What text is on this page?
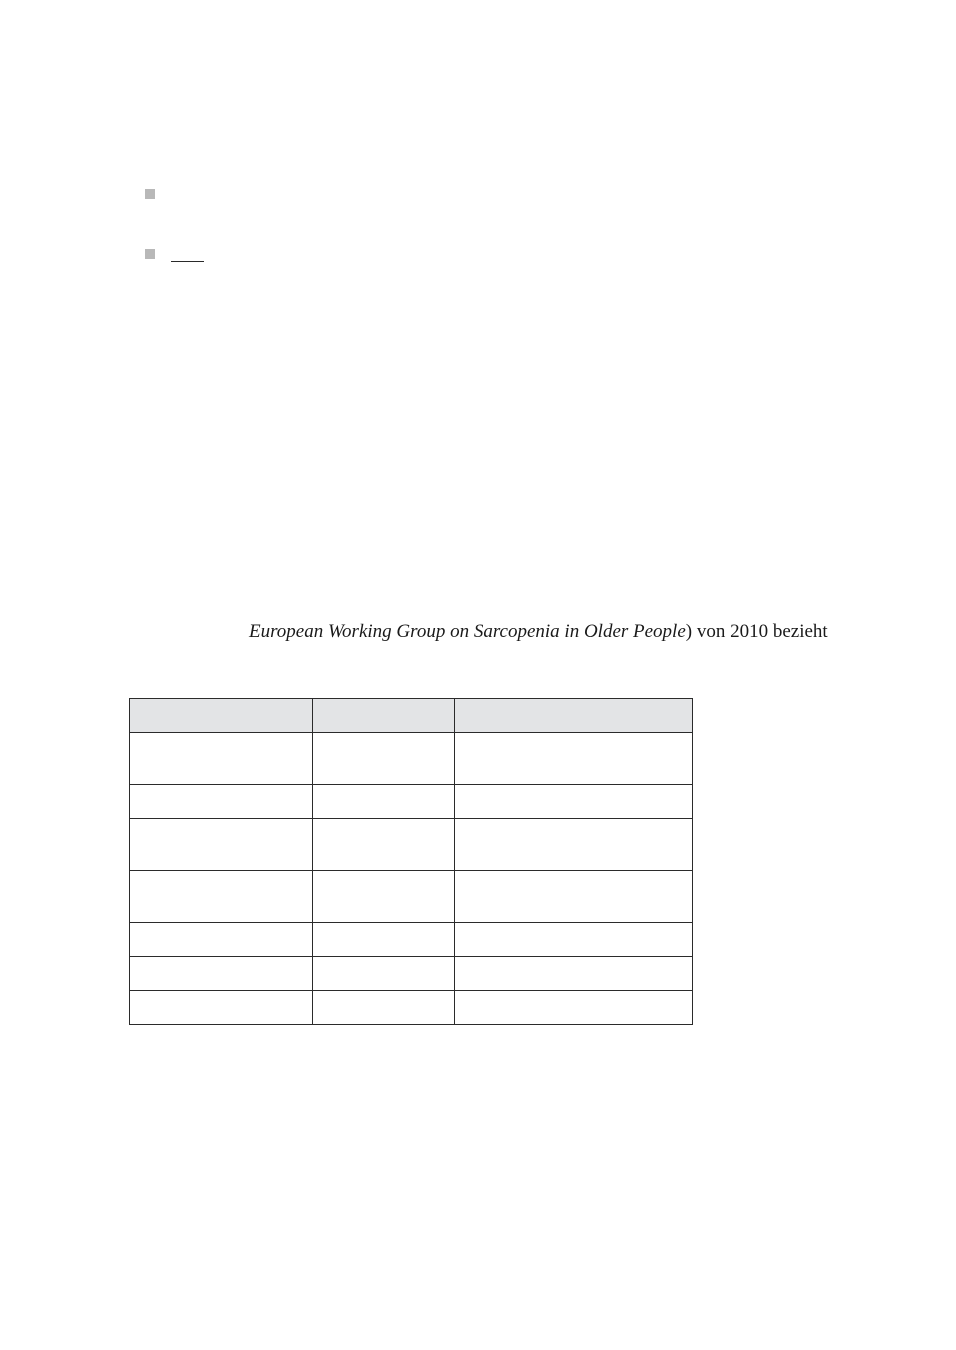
European Working Group on Sarcopenia in Older People) von 2010 bezieht
